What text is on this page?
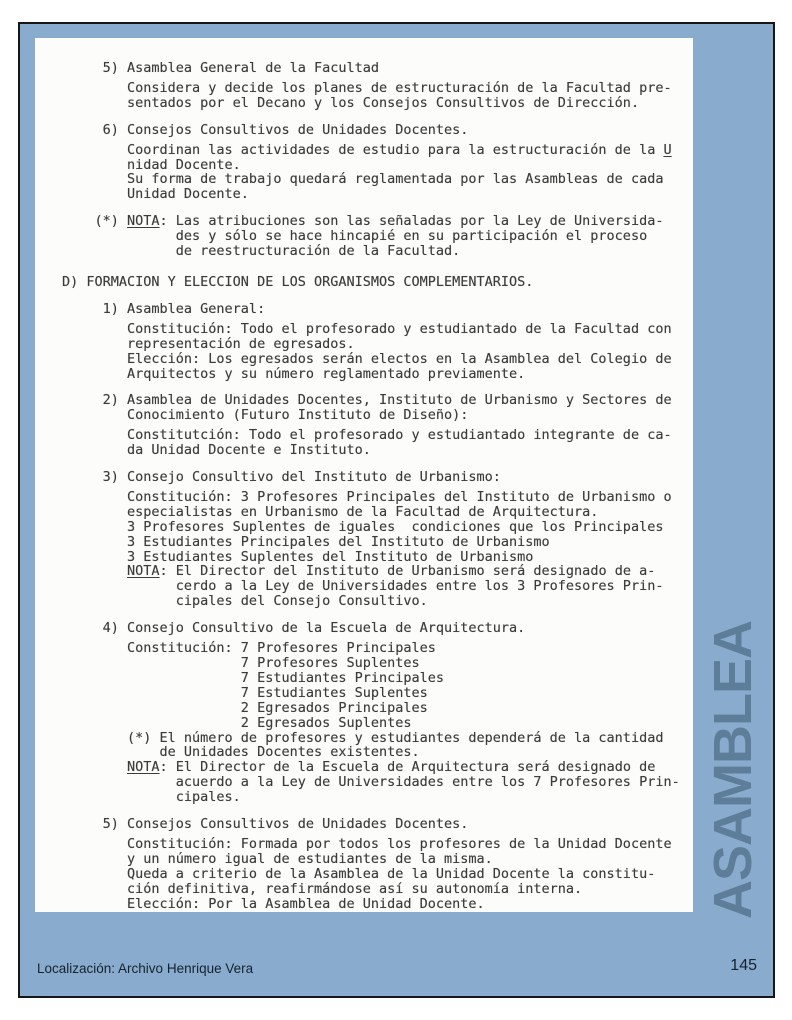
5) Asamblea General de la Facultad
Considera y decide los planes de estructuración de la Facultad pre-
sentados por el Decano y los Consejos Consultivos de Dirección.
6) Consejos Consultivos de Unidades Docentes.
Coordinan las actividades de estudio para la estructuración de la U
nidad Docente.
Su forma de trabajo quedará reglamentada por las Asambleas de cada
Unidad Docente.
(*) NOTA: Las atribuciones son las señaladas por la Ley de Universida-
des y sólo se hace hincapié en su participación el proceso
de reestructuración de la Facultad.
D) FORMACION Y ELECCION DE LOS ORGANISMOS COMPLEMENTARIOS.
1) Asamblea General:
Constitución: Todo el profesorado y estudiantado de la Facultad con
representación de egresados.
Elección: Los egresados serán electos en la Asamblea del Colegio de
Arquitectos y su número reglamentado previamente.
2) Asamblea de Unidades Docentes, Instituto de Urbanismo y Sectores de
Conocimiento (Futuro Instituto de Diseño):
Constitutción: Todo el profesorado y estudiantado integrante de ca-
da Unidad Docente e Instituto.
3) Consejo Consultivo del Instituto de Urbanismo:
Constitución: 3 Profesores Principales del Instituto de Urbanismo o
especialistas en Urbanismo de la Facultad de Arquitectura.
3 Profesores Suplentes de iguales  condiciones que los Principales
3 Estudiantes Principales del Instituto de Urbanismo
3 Estudiantes Suplentes del Instituto de Urbanismo
NOTA: El Director del Instituto de Urbanismo será designado de a-
cerdo a la Ley de Universidades entre los 3 Profesores Prin-
cipales del Consejo Consultivo.
4) Consejo Consultivo de la Escuela de Arquitectura.
Constitución: 7 Profesores Principales
7 Profesores Suplentes
7 Estudiantes Principales
7 Estudiantes Suplentes
2 Egresados Principales
2 Egresados Suplentes
(*) El número de profesores y estudiantes dependerá de la cantidad
de Unidades Docentes existentes.
NOTA: El Director de la Escuela de Arquitectura será designado de
acuerdo a la Ley de Universidades entre los 7 Profesores Prin-
cipales.
5) Consejos Consultivos de Unidades Docentes.
Constitución: Formada por todos los profesores de la Unidad Docente
y un número igual de estudiantes de la misma.
Queda a criterio de la Asamblea de la Unidad Docente la constitu-
ción definitiva, reafirmándose así su autonomía interna.
Elección: Por la Asamblea de Unidad Docente.	ASAMBLEA
Localización: Archivo Henrique Vera	145
